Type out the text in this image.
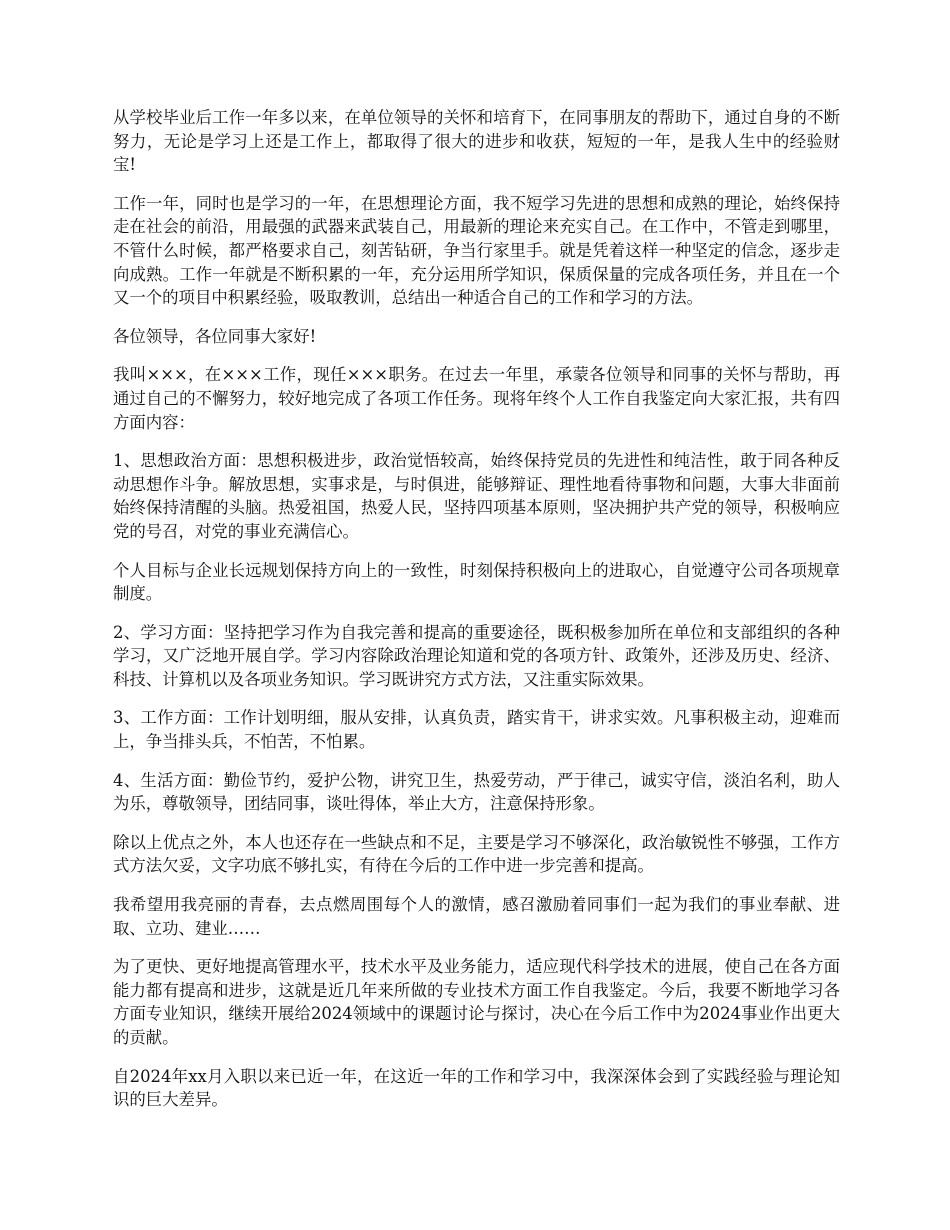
从学校毕业后工作一年多以来，在单位领导的关怀和培育下，在同事朋友的帮助下，通过自身的不断努力，无论是学习上还是工作上，都取得了很大的进步和收获，短短的一年，是我人生中的经验财宝!

工作一年，同时也是学习的一年，在思想理论方面，我不短学习先进的思想和成熟的理论，始终保持走在社会的前沿，用最强的武器来武装自己，用最新的理论来充实自己。在工作中，不管走到哪里，不管什么时候，都严格要求自己，刻苦钻研，争当行家里手。就是凭着这样一种坚定的信念，逐步走向成熟。工作一年就是不断积累的一年，充分运用所学知识，保质保量的完成各项任务，并且在一个又一个的项目中积累经验，吸取教训，总结出一种适合自己的工作和学习的方法。

各位领导，各位同事大家好!

我叫×××，在×××工作，现任×××职务。在过去一年里，承蒙各位领导和同事的关怀与帮助，再通过自己的不懈努力，较好地完成了各项工作任务。现将年终个人工作自我鉴定向大家汇报，共有四方面内容：

1、思想政治方面：思想积极进步，政治觉悟较高，始终保持党员的先进性和纯洁性，敢于同各种反动思想作斗争。解放思想，实事求是，与时俱进，能够辩证、理性地看待事物和问题，大事大非面前始终保持清醒的头脑。热爱祖国，热爱人民，坚持四项基本原则，坚决拥护共产党的领导，积极响应党的号召，对党的事业充满信心。

个人目标与企业长远规划保持方向上的一致性，时刻保持积极向上的进取心，自觉遵守公司各项规章制度。

2、学习方面：坚持把学习作为自我完善和提高的重要途径，既积极参加所在单位和支部组织的各种学习，又广泛地开展自学。学习内容除政治理论知道和党的各项方针、政策外，还涉及历史、经济、科技、计算机以及各项业务知识。学习既讲究方式方法，又注重实际效果。

3、工作方面：工作计划明细，服从安排，认真负责，踏实肯干，讲求实效。凡事积极主动，迎难而上，争当排头兵，不怕苦，不怕累。

4、生活方面：勤俭节约，爱护公物，讲究卫生，热爱劳动，严于律己，诚实守信，淡泊名利，助人为乐，尊敬领导，团结同事，谈吐得体，举止大方，注意保持形象。

除以上优点之外，本人也还存在一些缺点和不足，主要是学习不够深化，政治敏锐性不够强，工作方式方法欠妥，文字功底不够扎实，有待在今后的工作中进一步完善和提高。

我希望用我亮丽的青春，去点燃周围每个人的激情，感召激励着同事们一起为我们的事业奉献、进取、立功、建业……

为了更快、更好地提高管理水平，技术水平及业务能力，适应现代科学技术的进展，使自己在各方面能力都有提高和进步，这就是近几年来所做的专业技术方面工作自我鉴定。今后，我要不断地学习各方面专业知识，继续开展给2024领域中的课题讨论与探讨，决心在今后工作中为2024事业作出更大的贡献。

自2024年xx月入职以来已近一年，在这近一年的工作和学习中，我深深体会到了实践经验与理论知识的巨大差异。
